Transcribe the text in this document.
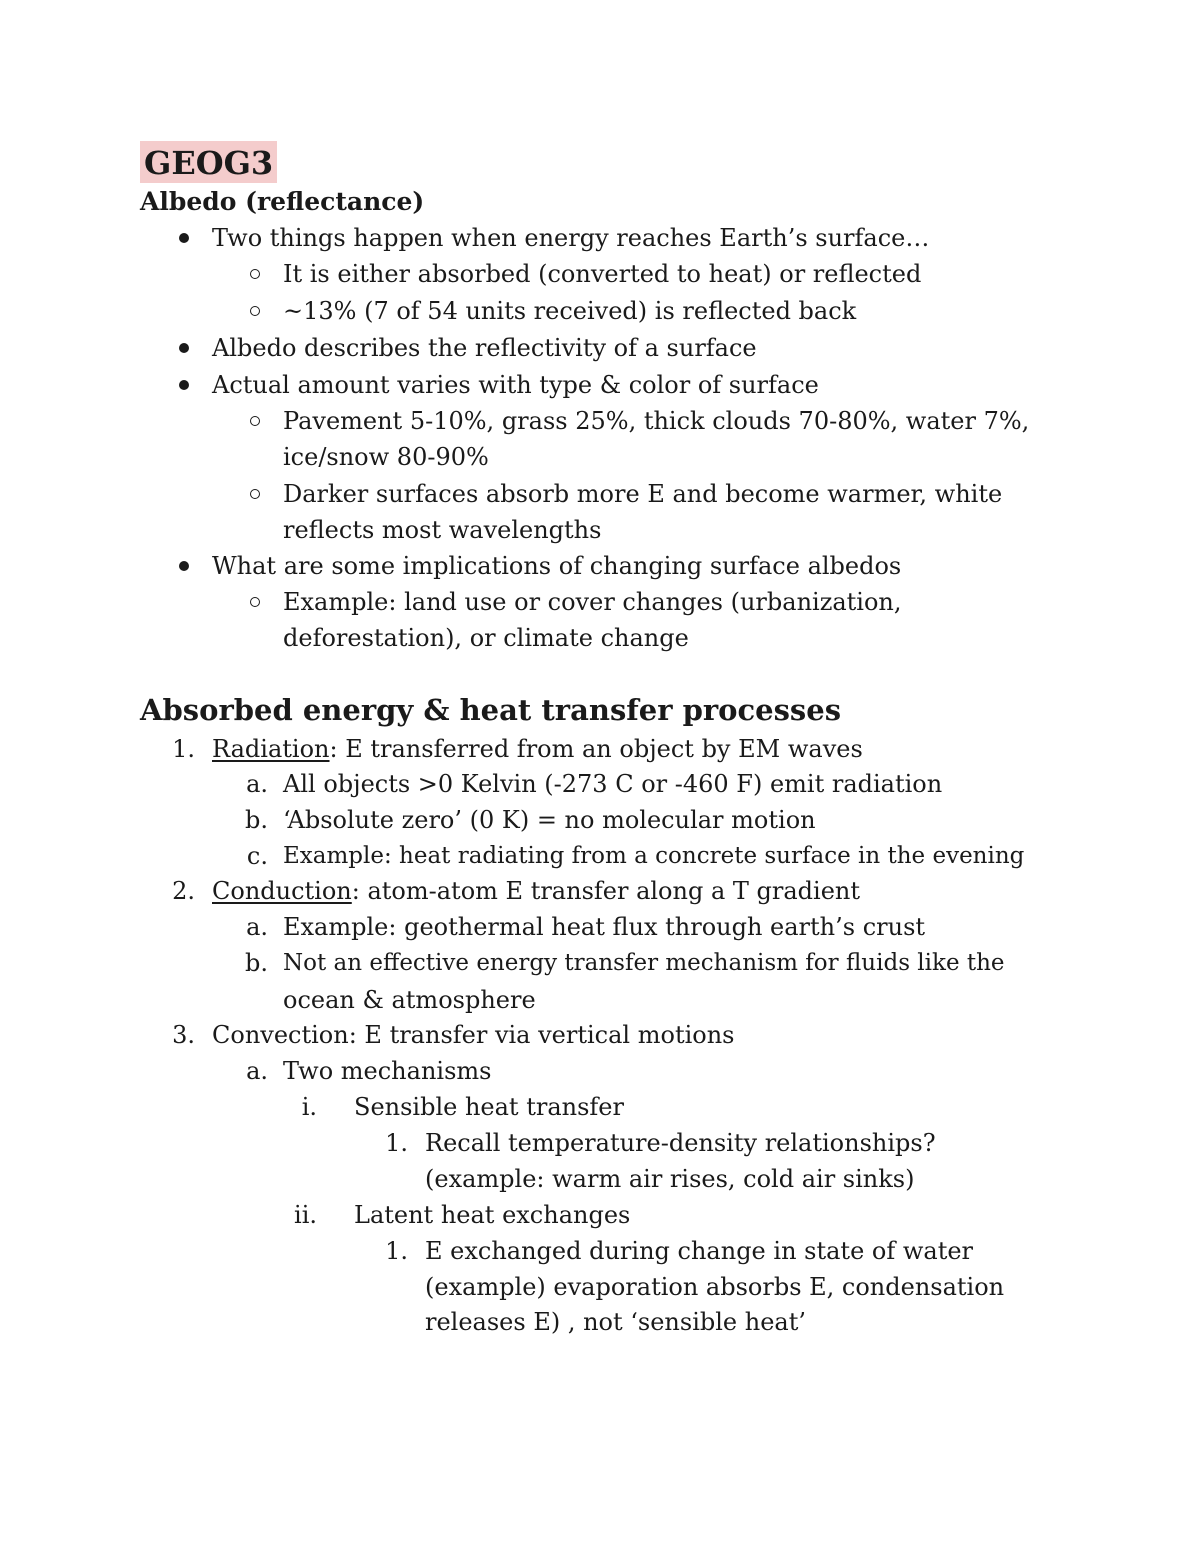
GEOG3
Albedo (reflectance)
Two things happen when energy reaches Earth’s surface…
It is either absorbed (converted to heat) or reflected
~13% (7 of 54 units received) is reflected back
Albedo describes the reflectivity of a surface
Actual amount varies with type & color of surface
Pavement 5-10%, grass 25%, thick clouds 70-80%, water 7%,
ice/snow 80-90%
Darker surfaces absorb more E and become warmer, white
reflects most wavelengths
What are some implications of changing surface albedos
Example: land use or cover changes (urbanization,
deforestation), or climate change
Absorbed energy & heat transfer processes
1. Radiation: E transferred from an object by EM waves
a. All objects >0 Kelvin (-273 C or -460 F) emit radiation
b. ‘Absolute zero’ (0 K) = no molecular motion
c. Example: heat radiating from a concrete surface in the evening
2. Conduction: atom-atom E transfer along a T gradient
a. Example: geothermal heat flux through earth’s crust
b. Not an effective energy transfer mechanism for fluids like the
ocean & atmosphere
3. Convection: E transfer via vertical motions
a. Two mechanisms
i. Sensible heat transfer
1. Recall temperature-density relationships?
(example: warm air rises, cold air sinks)
ii. Latent heat exchanges
1. E exchanged during change in state of water
(example) evaporation absorbs E, condensation
releases E) , not ‘sensible heat’
